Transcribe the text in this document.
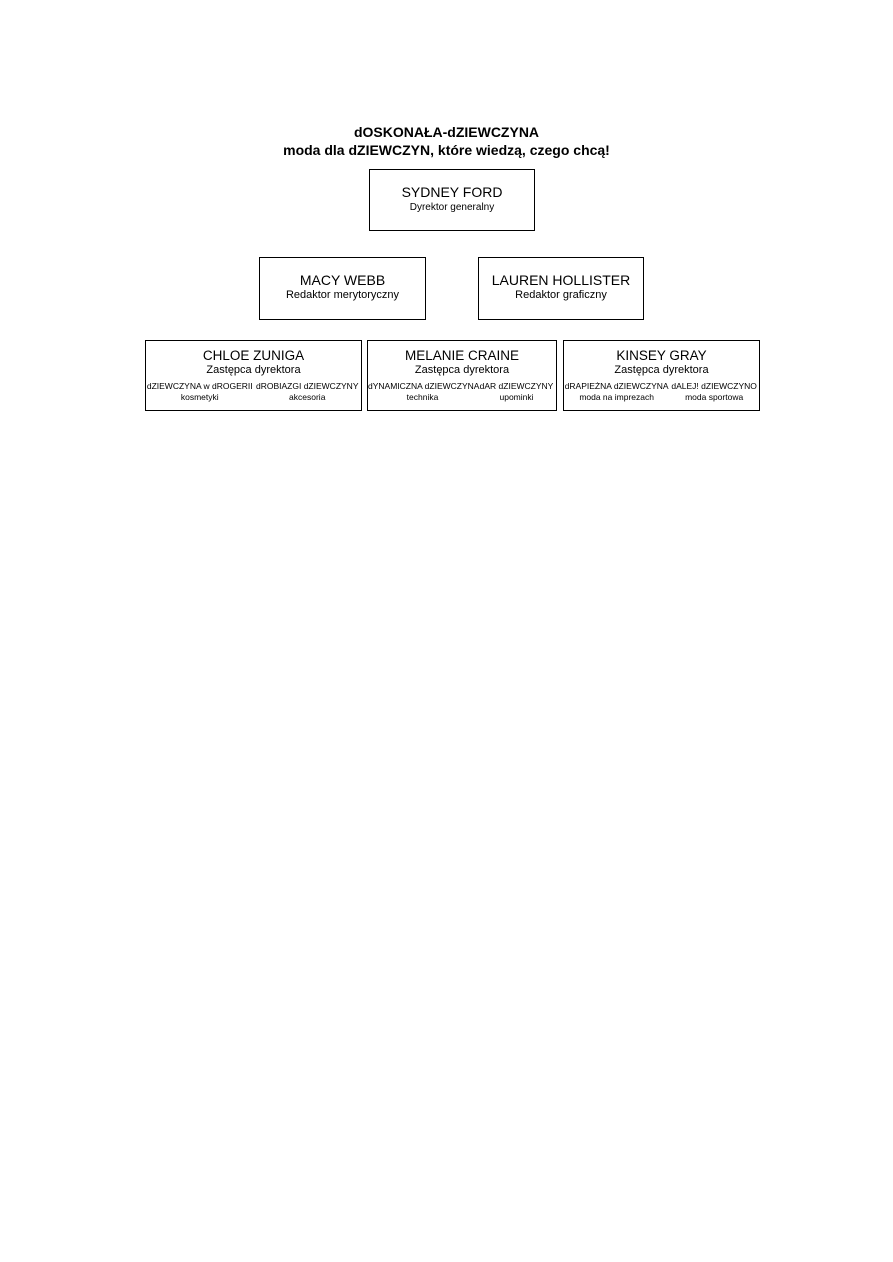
dOSKONAŁA-dZIEWCZYNA
moda dla dZIEWCZYN, które wiedzą, czego chcą!
SYDNEY FORD
Dyrektor generalny
MACY WEBB
Redaktor merytoryczny
LAUREN HOLLISTER
Redaktor graficzny
CHLOE ZUNIGA
Zastępca dyrektora
dZIEWCZYNA w dROGERII
kosmetyki
dROBIAZGI dZIEWCZYNY
akcesoria
MELANIE CRAINE
Zastępca dyrektora
dYNAMICZNA dZIEWCZYNA
technika
dAR dZIEWCZYNY
upominki
KINSEY GRAY
Zastępca dyrektora
dRAPIEŻNA dZIEWCZYNA
moda na imprezach
dALEJ! dZIEWCZYNO
moda sportowa
